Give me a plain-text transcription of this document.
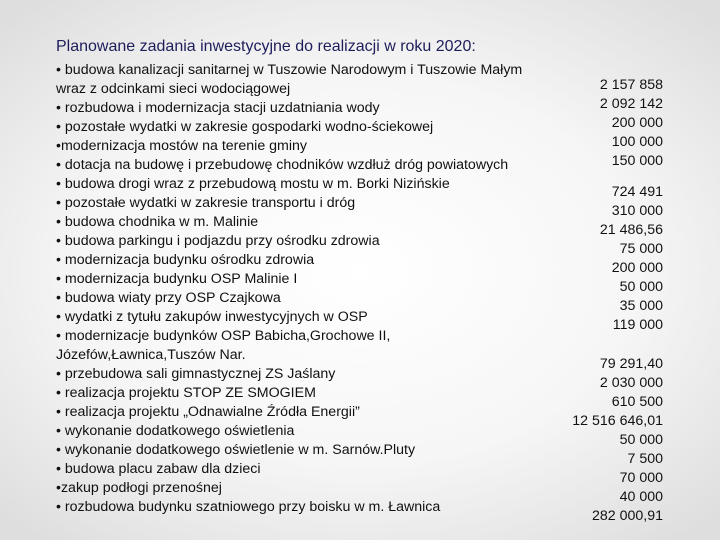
Planowane zadania inwestycyjne do realizacji w roku 2020:
• budowa kanalizacji sanitarnej w Tuszowie Narodowym i Tuszowie Małym
wraz z odcinkami sieci wodociągowej
• rozbudowa i modernizacja stacji uzdatniania wody
• pozostałe wydatki w zakresie gospodarki wodno-ściekowej
•modernizacja mostów na terenie gminy
• dotacja na budowę i przebudowę chodników wzdłuż dróg powiatowych
• budowa drogi wraz z przebudową mostu w m. Borki Nizińskie
• pozostałe wydatki w zakresie transportu i dróg
• budowa chodnika w m. Malinie
• budowa parkingu i podjazdu przy ośrodku zdrowia
• modernizacja budynku ośrodku zdrowia
• modernizacja budynku OSP Malinie I
• budowa wiaty przy OSP Czajkowa
• wydatki z tytułu zakupów inwestycyjnych w OSP
• modernizacje budynków OSP Babicha,Grochowe II,
Józefów,Ławnica,Tuszów Nar.
• przebudowa sali gimnastycznej ZS Jaślany
• realizacja projektu STOP ZE SMOGIEM
• realizacja projektu „Odnawialne Źródła Energii”
• wykonanie dodatkowego oświetlenia
• wykonanie dodatkowego oświetlenie w m. Sarnów.Pluty
• budowa placu zabaw dla dzieci
•zakup podłogi przenośnej
• rozbudowa budynku szatniowego przy boisku w m. Ławnica
2 157 858
2 092 142
200 000
100 000
150 000
724 491
310 000
21 486,56
75 000
200 000
50 000
35 000
119 000
79 291,40
2 030 000
610 500
12 516 646,01
50 000
7 500
70 000
40 000
282 000,91
